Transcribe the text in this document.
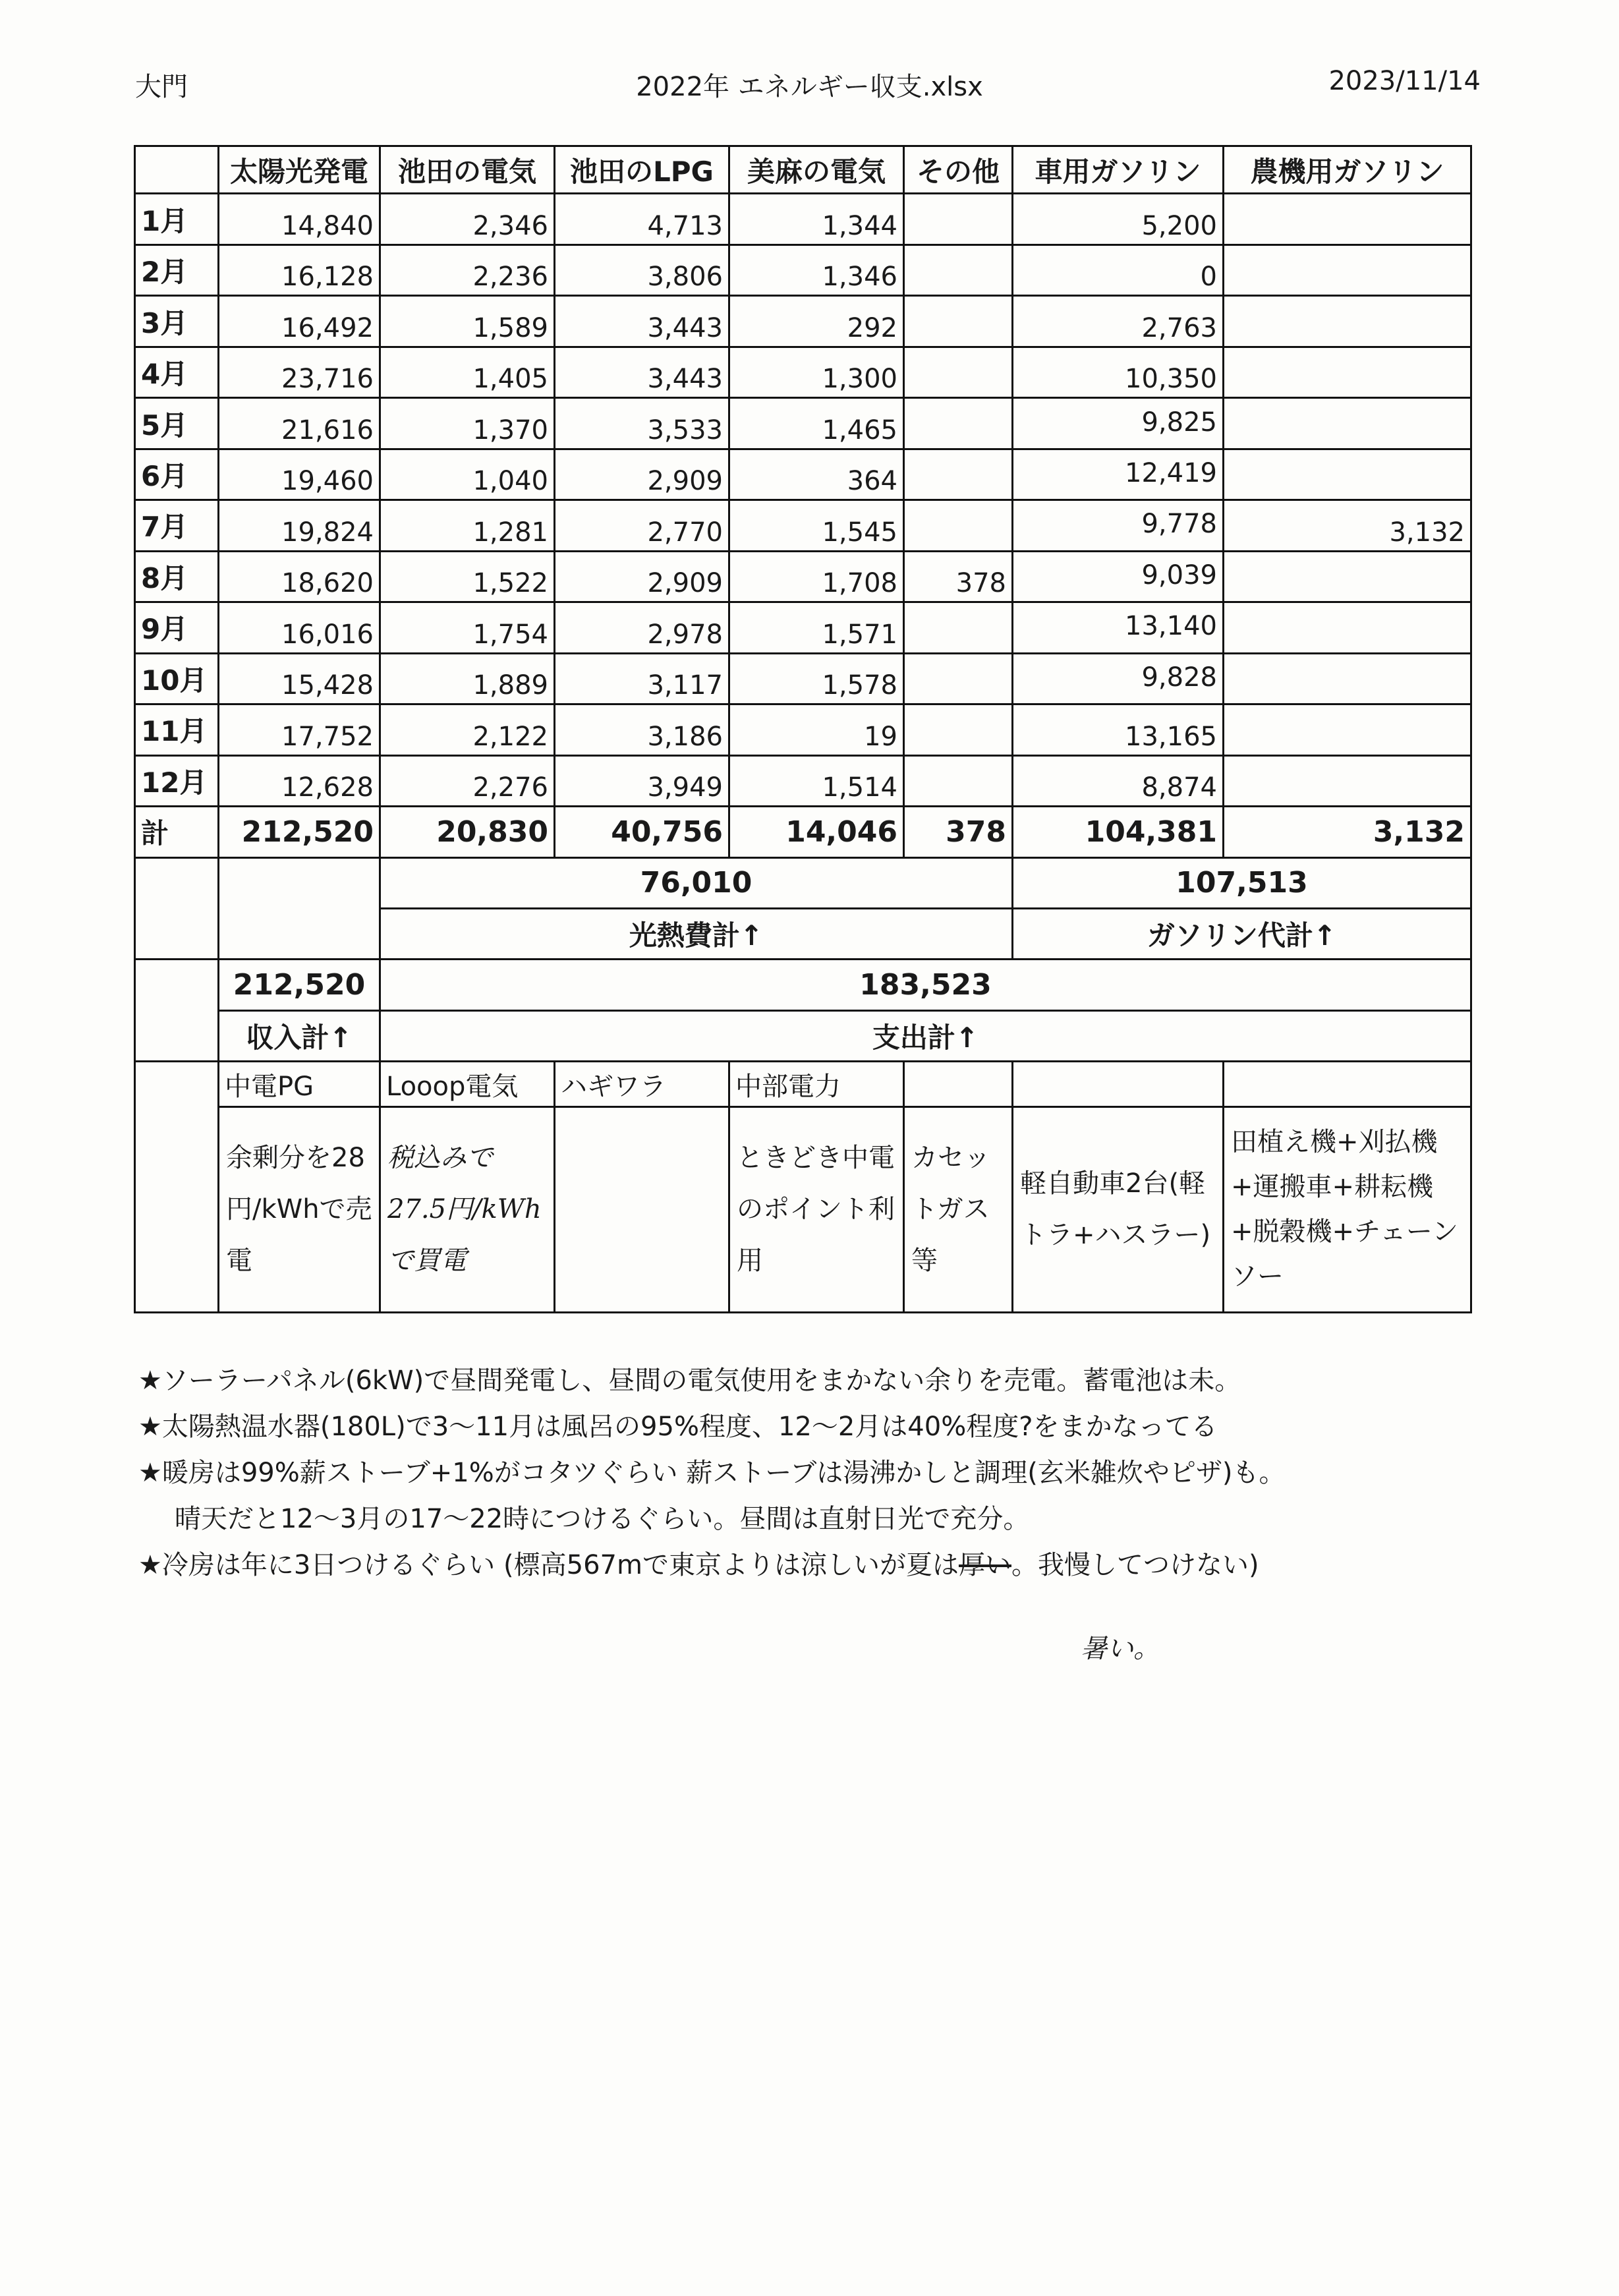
大門	2022年 エネルギー収支.xlsx	2023/11/14
	太陽光発電	池田の電気	池田のLPG	美麻の電気	その他	車用ガソリン	農機用ガソリン
1月	14,840	2,346	4,713	1,344		5,200	
2月	16,128	2,236	3,806	1,346		0	
3月	16,492	1,589	3,443	292		2,763	
4月	23,716	1,405	3,443	1,300		10,350	
5月	21,616	1,370	3,533	1,465		9,825	
6月	19,460	1,040	2,909	364		12,419	
7月	19,824	1,281	2,770	1,545		9,778	3,132
8月	18,620	1,522	2,909	1,708	378	9,039	
9月	16,016	1,754	2,978	1,571		13,140	
10月	15,428	1,889	3,117	1,578		9,828	
11月	17,752	2,122	3,186	19		13,165	
12月	12,628	2,276	3,949	1,514		8,874	
計	212,520	20,830	40,756	14,046	378	104,381	3,132
		76,010				107,513	
		光熱費計↑				ガソリン代計↑	
	212,520	183,523					
	収入計↑	支出計↑					
	中電PG	Looop電気	ハギワラ	中部電力			

	余剰分を28円/kWhで売電	税込みで27.5円/kWhで買電		ときどき中電のポイント利用	カセットガス等	軽自動車2台(軽トラ+ハスラー)	田植え機+刈払機+運搬車+耕耘機+脱穀機+チェーンソー
★ソーラーパネル(6kW)で昼間発電し、昼間の電気使用をまかない余りを売電。蓄電池は未。
★太陽熱温水器(180L)で3〜11月は風呂の95%程度、12〜2月は40%程度?をまかなってる
★暖房は99%薪ストーブ+1%がコタツぐらい 薪ストーブは湯沸かしと調理(玄米雑炊やピザ)も。
晴天だと12〜3月の17〜22時につけるぐらい。昼間は直射日光で充分。
★冷房は年に3日つけるぐらい (標高567mで東京よりは涼しいが夏は厚い。我慢してつけない)
暑い。
